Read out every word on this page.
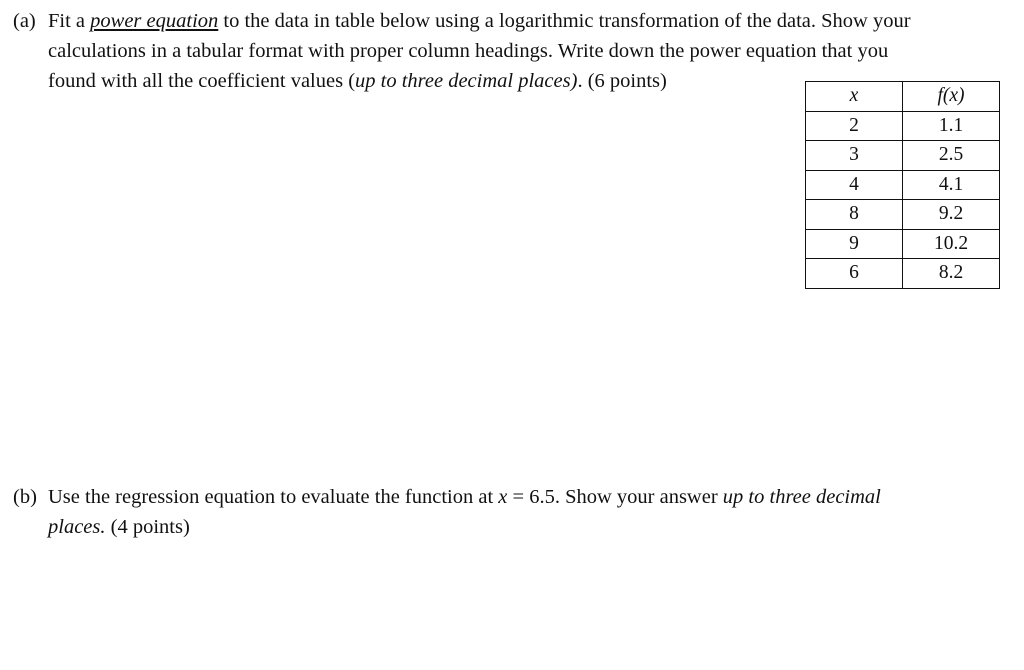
(a) Fit a power equation to the data in table below using a logarithmic transformation of the data. Show your
calculations in a tabular format with proper column headings. Write down the power equation that you
found with all the coefficient values (up to three decimal places). (6 points)
x	f(x)
2	1.1
3	2.5
4	4.1
8	9.2
9	10.2
6	8.2
(b) Use the regression equation to evaluate the function at x = 6.5. Show your answer up to three decimal
places. (4 points)
